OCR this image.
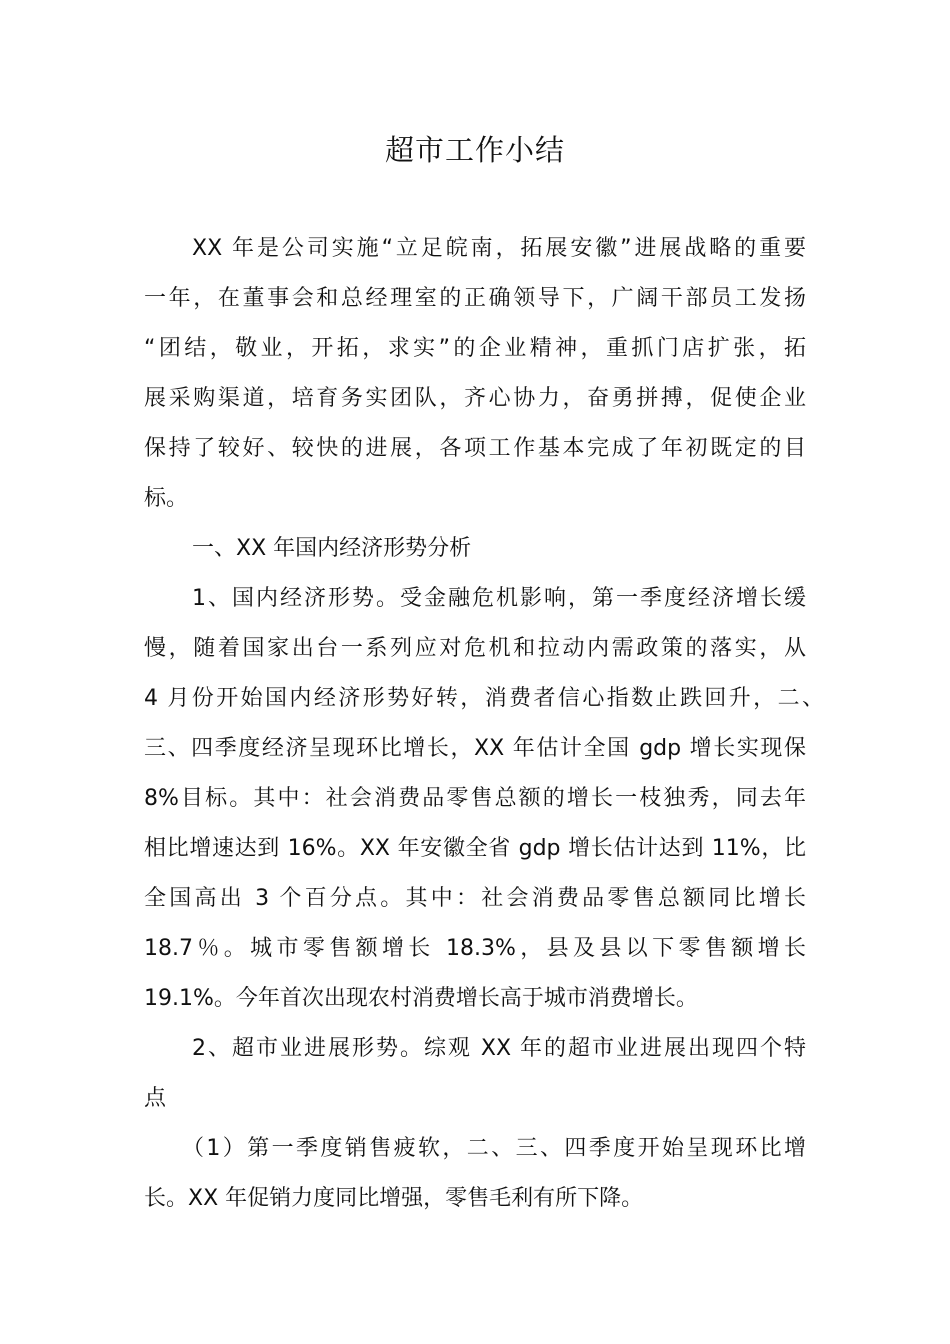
超市工作小结
XX 年是公司实施“立足皖南，拓展安徽”进展战略的重要
一年，在董事会和总经理室的正确领导下，广阔干部员工发扬
“团结，敬业，开拓，求实”的企业精神，重抓门店扩张，拓
展采购渠道，培育务实团队，齐心协力，奋勇拼搏，促使企业
保持了较好、较快的进展，各项工作基本完成了年初既定的目
标。
一、XX 年国内经济形势分析
1、国内经济形势。受金融危机影响，第一季度经济增长缓
慢，随着国家出台一系列应对危机和拉动内需政策的落实，从
4 月份开始国内经济形势好转，消费者信心指数止跌回升，二、
三、四季度经济呈现环比增长，XX 年估计全国 gdp 增长实现保
8%目标。其中：社会消费品零售总额的增长一枝独秀，同去年
相比增速达到 16%。XX 年安徽全省 gdp 增长估计达到 11%，比
全国高出 3 个百分点。其中：社会消费品零售总额同比增长
18.7％。城市零售额增长 18.3%，县及县以下零售额增长
19.1%。今年首次出现农村消费增长高于城市消费增长。
2、超市业进展形势。综观 XX 年的超市业进展出现四个特
点
（1）第一季度销售疲软，二、三、四季度开始呈现环比增
长。XX 年促销力度同比增强，零售毛利有所下降。
